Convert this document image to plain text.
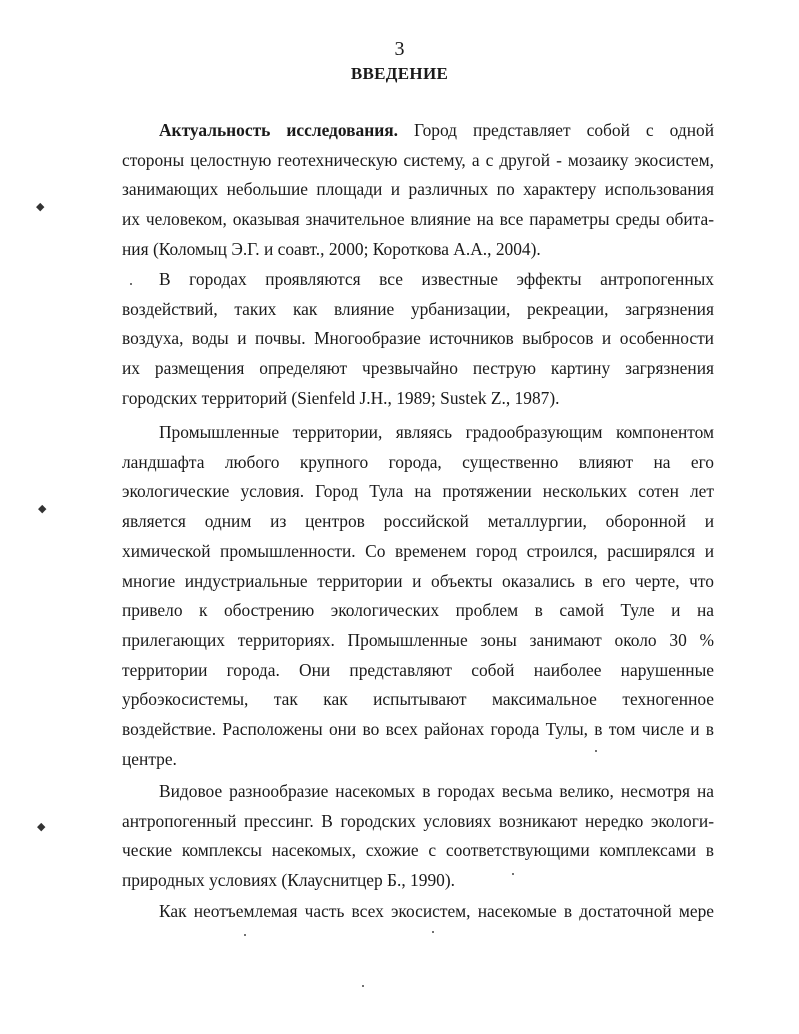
3
ВВЕДЕНИЕ
Актуальность исследования. Город представляет собой с одной
стороны целостную геотехническую систему, а с другой - мозаику экосистем,
занимающих небольшие площади и различных по характеру использования
их человеком, оказывая значительное влияние на все параметры среды обита-
ния (Коломыц Э.Г. и соавт., 2000; Короткова А.А., 2004).
В городах проявляются все известные эффекты антропогенных
воздействий, таких как влияние урбанизации, рекреации, загрязнения
воздуха, воды и почвы. Многообразие источников выбросов и особенности
их размещения определяют чрезвычайно пеструю картину загрязнения
городских территорий (Sienfeld J.H., 1989; Sustek Z., 1987).
Промышленные территории, являясь градообразующим компонентом
ландшафта любого крупного города, существенно влияют на его
экологические условия. Город Тула на протяжении нескольких сотен лет
является одним из центров российской металлургии, оборонной и
химической промышленности. Со временем город строился, расширялся и
многие индустриальные территории и объекты оказались в его черте, что
привело к обострению экологических проблем в самой Туле и на
прилегающих территориях. Промышленные зоны занимают около 30 %
территории города. Они представляют собой наиболее нарушенные
урбоэкосистемы, так как испытывают максимальное техногенное
воздействие. Расположены они во всех районах города Тулы, в том числе и в
центре.
Видовое разнообразие насекомых в городах весьма велико, несмотря на
антропогенный прессинг. В городских условиях возникают нередко экологи-
ческие комплексы насекомых, схожие с соответствующими комплексами в
природных условиях (Клауснитцер Б., 1990).
Как неотъемлемая часть всех экосистем, насекомые в достаточной мере
◆
◆
◆
